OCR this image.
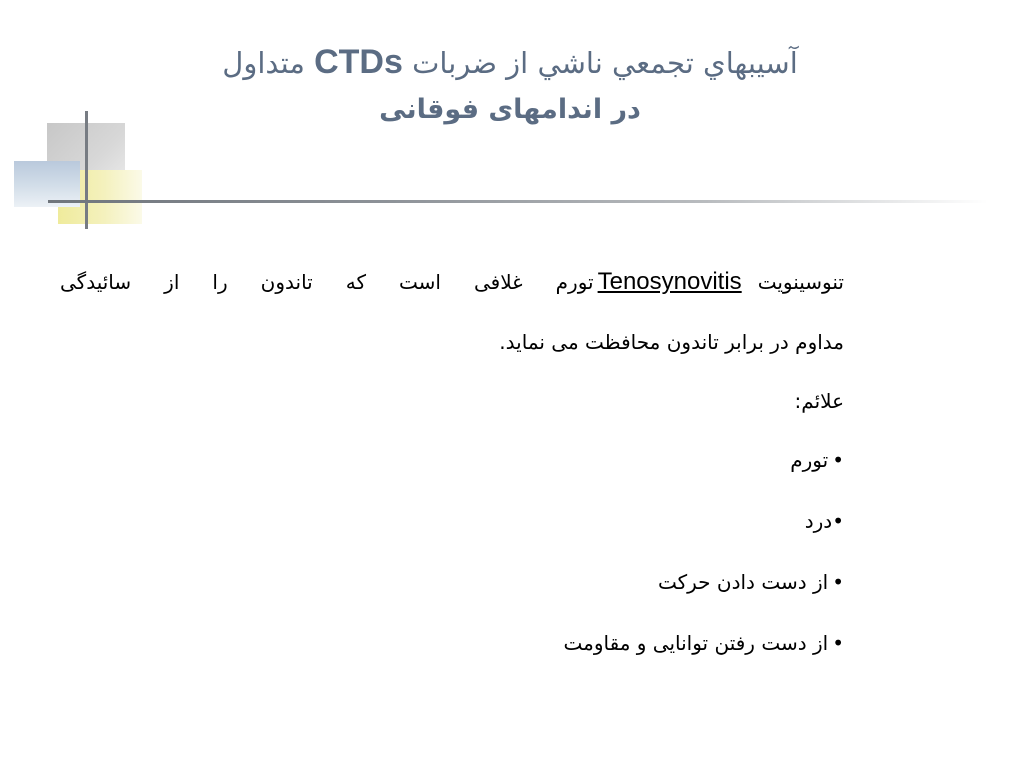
آسيبهاي تجمعي ناشي از ضربات CTDs متداول
در اندامهای فوقانی
تنوسینویتTenosynovitisتورم غلافی است که تاندون را از سائیدگی
مداوم در برابر تاندون محافظت می نماید.
علائم:
•تورم
•درد
•از دست دادن حرکت
•از دست رفتن توانایی و مقاومت
